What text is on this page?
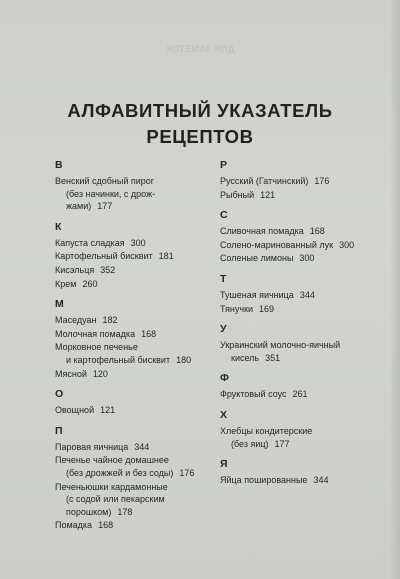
ДЛЯ ЗАМЕТОК
АЛФАВИТНЫЙ УКАЗАТЕЛЬ
РЕЦЕПТОВ
В
Венский сдобный пирог
(без начинки, с дрож-
жами) 177
К
Капуста сладкая 300
Картофельный бисквит 181
Кисэльця 352
Крем 260
М
Маседуан 182
Молочная помадка 168
Морковное печенье
и картофельный бисквит 180
Мясной 120
О
Овощной 121
П
Паровая яичница 344
Печенье чайное домашнее
(без дрожжей и без соды) 176
Печеньюшки кардамонные
(с содой или пекарским
порошком) 178
Помадка 168
Р
Русский (Гатчинский) 176
Рыбный 121
С
Сливочная помадка 168
Солено-маринованный лук 300
Соленые лимоны 300
Т
Тушеная яичница 344
Тянучки 169
У
Украинский молочно-яичный
кисель 351
Ф
Фруктовый соус 261
Х
Хлебцы кондитерские
(без яиц) 177
Я
Яйца пошированные 344
